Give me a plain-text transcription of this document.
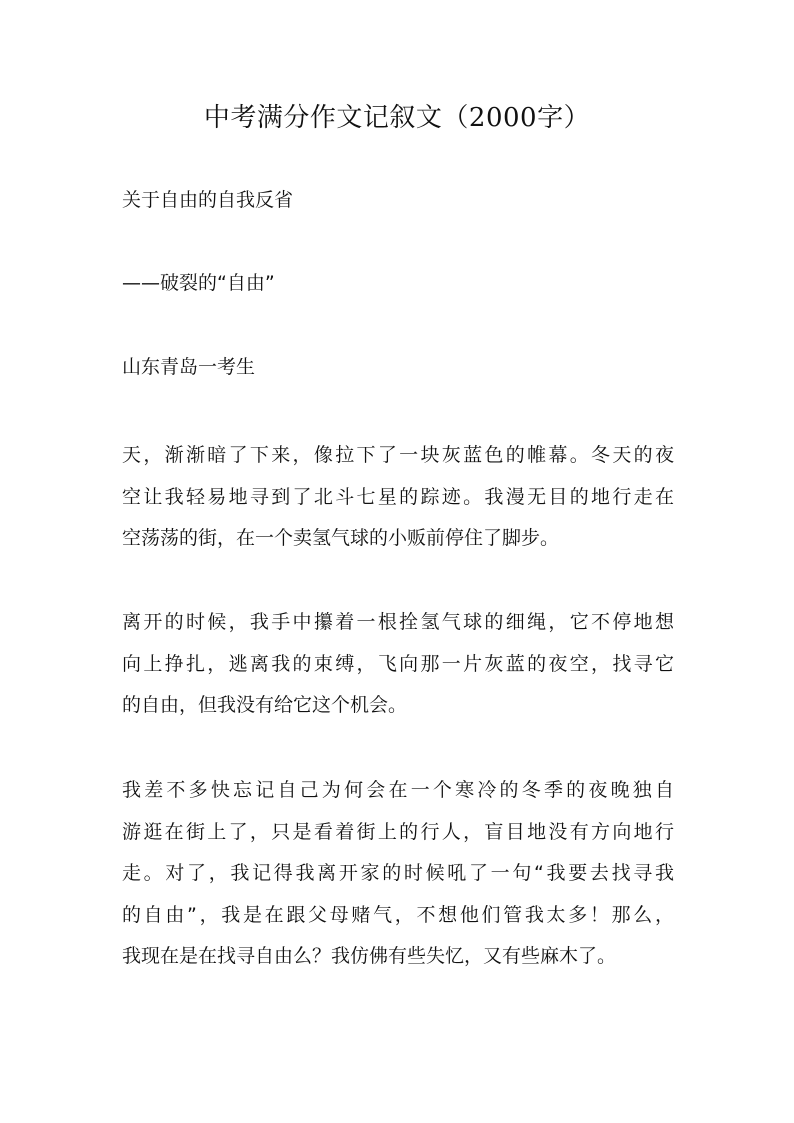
中考满分作文记叙文（2000字）
关于自由的自我反省
——破裂的“自由”
山东青岛一考生
天，渐渐暗了下来，像拉下了一块灰蓝色的帷幕。冬天的夜
空让我轻易地寻到了北斗七星的踪迹。我漫无目的地行走在
空荡荡的街，在一个卖氢气球的小贩前停住了脚步。
离开的时候，我手中攥着一根拴氢气球的细绳，它不停地想
向上挣扎，逃离我的束缚，飞向那一片灰蓝的夜空，找寻它
的自由，但我没有给它这个机会。
我差不多快忘记自己为何会在一个寒冷的冬季的夜晚独自
游逛在街上了，只是看着街上的行人，盲目地没有方向地行
走。对了，我记得我离开家的时候吼了一句“我要去找寻我
的自由”，我是在跟父母赌气，不想他们管我太多！那么，
我现在是在找寻自由么？我仿佛有些失忆，又有些麻木了。
